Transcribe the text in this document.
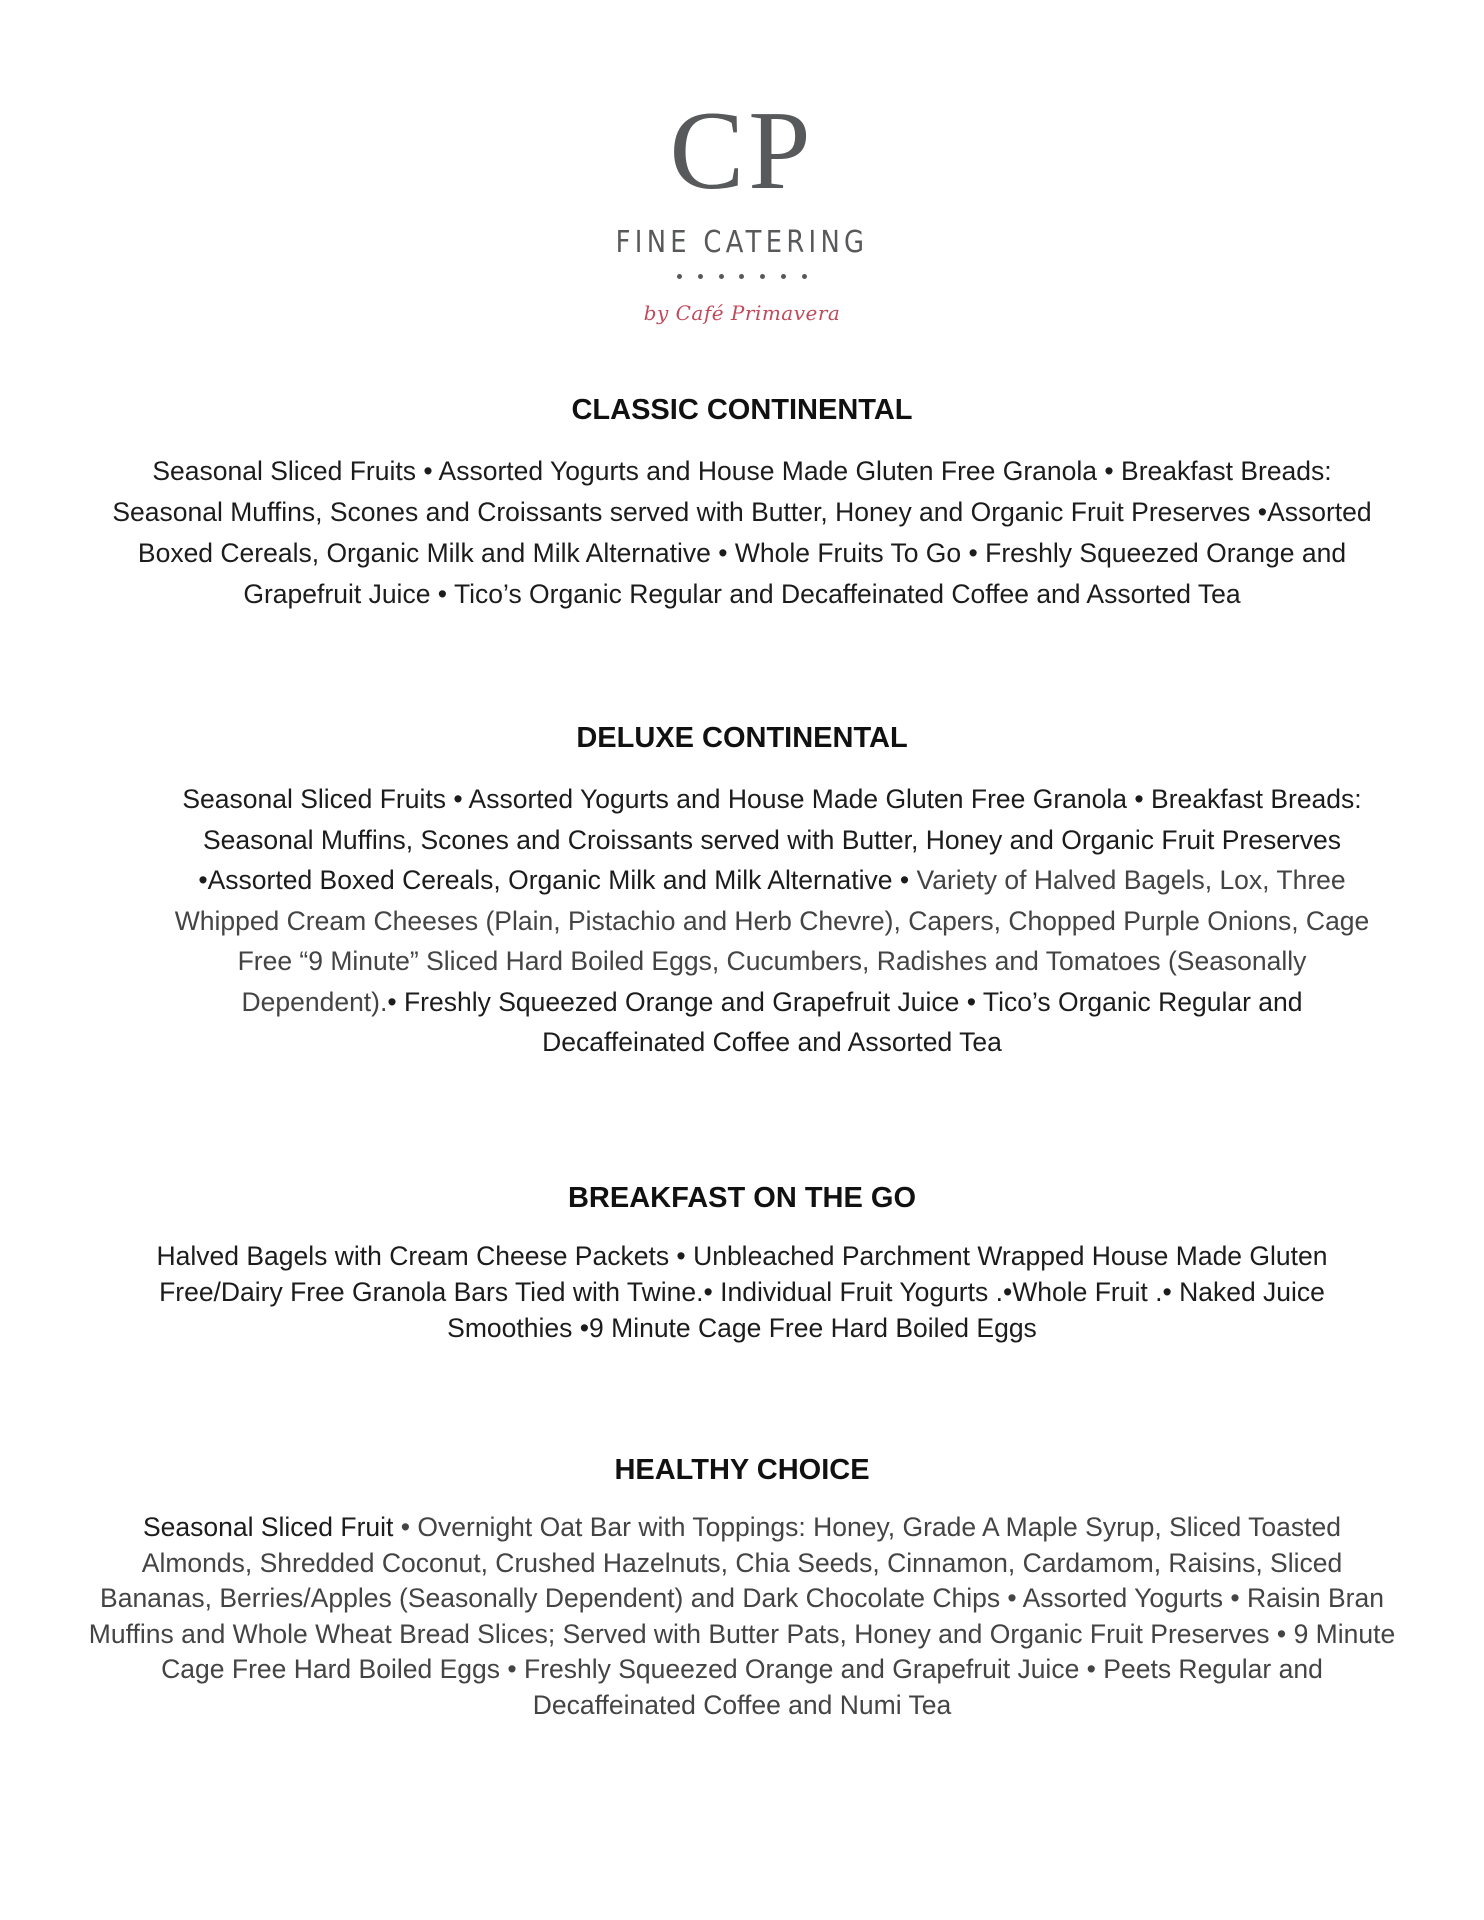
CP
FINE CATERING
by Café Primavera
CLASSIC CONTINENTAL

Seasonal Sliced Fruits • Assorted Yogurts and House Made Gluten Free Granola • Breakfast Breads: Seasonal Muffins, Scones and Croissants served with Butter, Honey and Organic Fruit Preserves •Assorted Boxed Cereals, Organic Milk and Milk Alternative • Whole Fruits To Go • Freshly Squeezed Orange and Grapefruit Juice • Tico’s Organic Regular and Decaffeinated Coffee and Assorted Tea

DELUXE CONTINENTAL

Seasonal Sliced Fruits • Assorted Yogurts and House Made Gluten Free Granola • Breakfast Breads: Seasonal Muffins, Scones and Croissants served with Butter, Honey and Organic Fruit Preserves •Assorted Boxed Cereals, Organic Milk and Milk Alternative • Variety of Halved Bagels, Lox, Three Whipped Cream Cheeses (Plain, Pistachio and Herb Chevre), Capers, Chopped Purple Onions, Cage Free “9 Minute” Sliced Hard Boiled Eggs, Cucumbers, Radishes and Tomatoes (Seasonally Dependent).• Freshly Squeezed Orange and Grapefruit Juice • Tico’s Organic Regular and Decaffeinated Coffee and Assorted Tea

BREAKFAST ON THE GO

Halved Bagels with Cream Cheese Packets • Unbleached Parchment Wrapped House Made Gluten Free/Dairy Free Granola Bars Tied with Twine.• Individual Fruit Yogurts .•Whole Fruit .• Naked Juice Smoothies •9 Minute Cage Free Hard Boiled Eggs

HEALTHY CHOICE

Seasonal Sliced Fruit • Overnight Oat Bar with Toppings: Honey, Grade A Maple Syrup, Sliced Toasted Almonds, Shredded Coconut, Crushed Hazelnuts, Chia Seeds, Cinnamon, Cardamom, Raisins, Sliced Bananas, Berries/Apples (Seasonally Dependent) and Dark Chocolate Chips • Assorted Yogurts • Raisin Bran Muffins and Whole Wheat Bread Slices; Served with Butter Pats, Honey and Organic Fruit Preserves • 9 Minute Cage Free Hard Boiled Eggs • Freshly Squeezed Orange and Grapefruit Juice • Peets Regular and Decaffeinated Coffee and Numi Tea
